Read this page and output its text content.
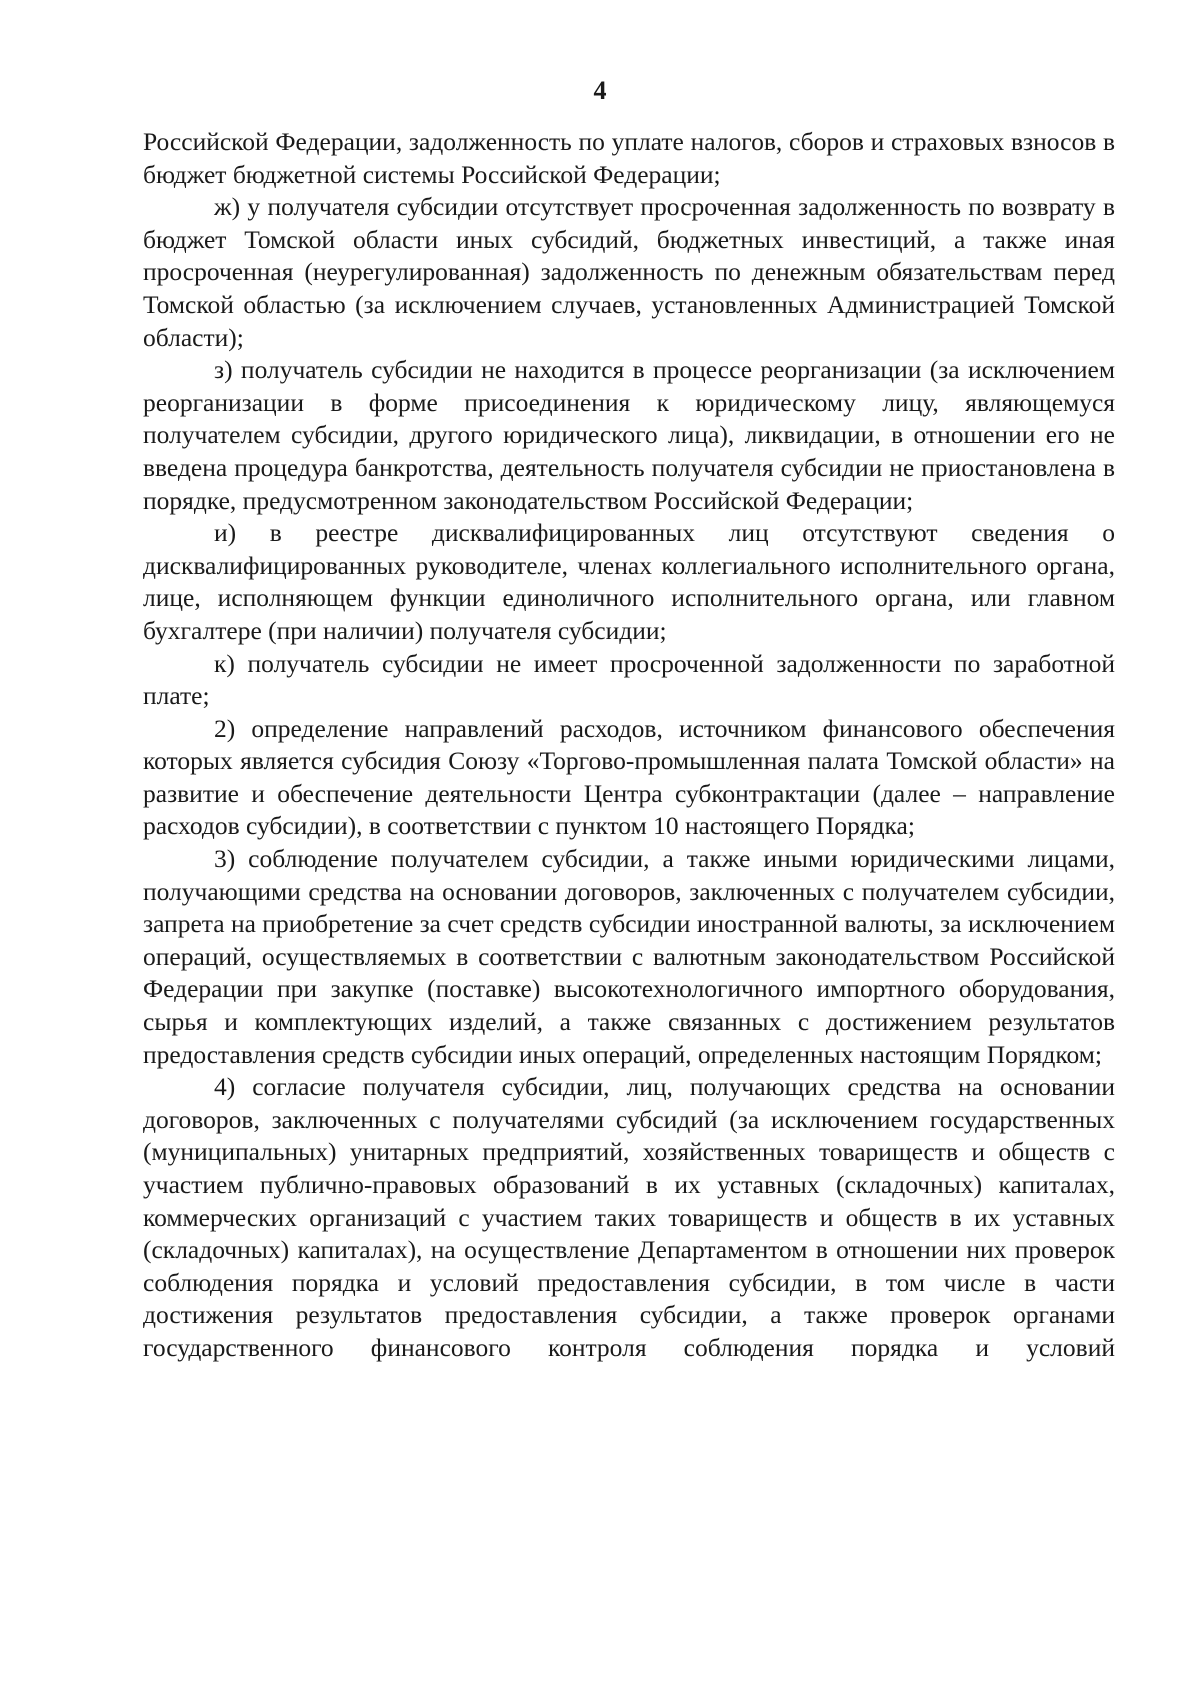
4

Российской Федерации, задолженность по уплате налогов, сборов и страховых взносов в бюджет бюджетной системы Российской Федерации;

ж) у получателя субсидии отсутствует просроченная задолженность по возврату в бюджет Томской области иных субсидий, бюджетных инвестиций, а также иная просроченная (неурегулированная) задолженность по денежным обязательствам перед Томской областью (за исключением случаев, установленных Администрацией Томской области);

з) получатель субсидии не находится в процессе реорганизации (за исключением реорганизации в форме присоединения к юридическому лицу, являющемуся получателем субсидии, другого юридического лица), ликвидации, в отношении его не введена процедура банкротства, деятельность получателя субсидии не приостановлена в порядке, предусмотренном законодательством Российской Федерации;

и) в реестре дисквалифицированных лиц отсутствуют сведения о дисквалифицированных руководителе, членах коллегиального исполнительного органа, лице, исполняющем функции единоличного исполнительного органа, или главном бухгалтере (при наличии) получателя субсидии;

к) получатель субсидии не имеет просроченной задолженности по заработной плате;

2) определение направлений расходов, источником финансового обеспечения которых является субсидия Союзу «Торгово-промышленная палата Томской области» на развитие и обеспечение деятельности Центра субконтрактации (далее – направление расходов субсидии), в соответствии с пунктом 10 настоящего Порядка;

3) соблюдение получателем субсидии, а также иными юридическими лицами, получающими средства на основании договоров, заключенных с получателем субсидии, запрета на приобретение за счет средств субсидии иностранной валюты, за исключением операций, осуществляемых в соответствии с валютным законодательством Российской Федерации при закупке (поставке) высокотехнологичного импортного оборудования, сырья и комплектующих изделий, а также связанных с достижением результатов предоставления средств субсидии иных операций, определенных настоящим Порядком;

4) согласие получателя субсидии, лиц, получающих средства на основании договоров, заключенных с получателями субсидий (за исключением государственных (муниципальных) унитарных предприятий, хозяйственных товариществ и обществ с участием публично-правовых образований в их уставных (складочных) капиталах, коммерческих организаций с участием таких товариществ и обществ в их уставных (складочных) капиталах), на осуществление Департаментом в отношении них проверок соблюдения порядка и условий предоставления субсидии, в том числе в части достижения результатов предоставления субсидии, а также проверок органами государственного финансового контроля соблюдения порядка и условий
